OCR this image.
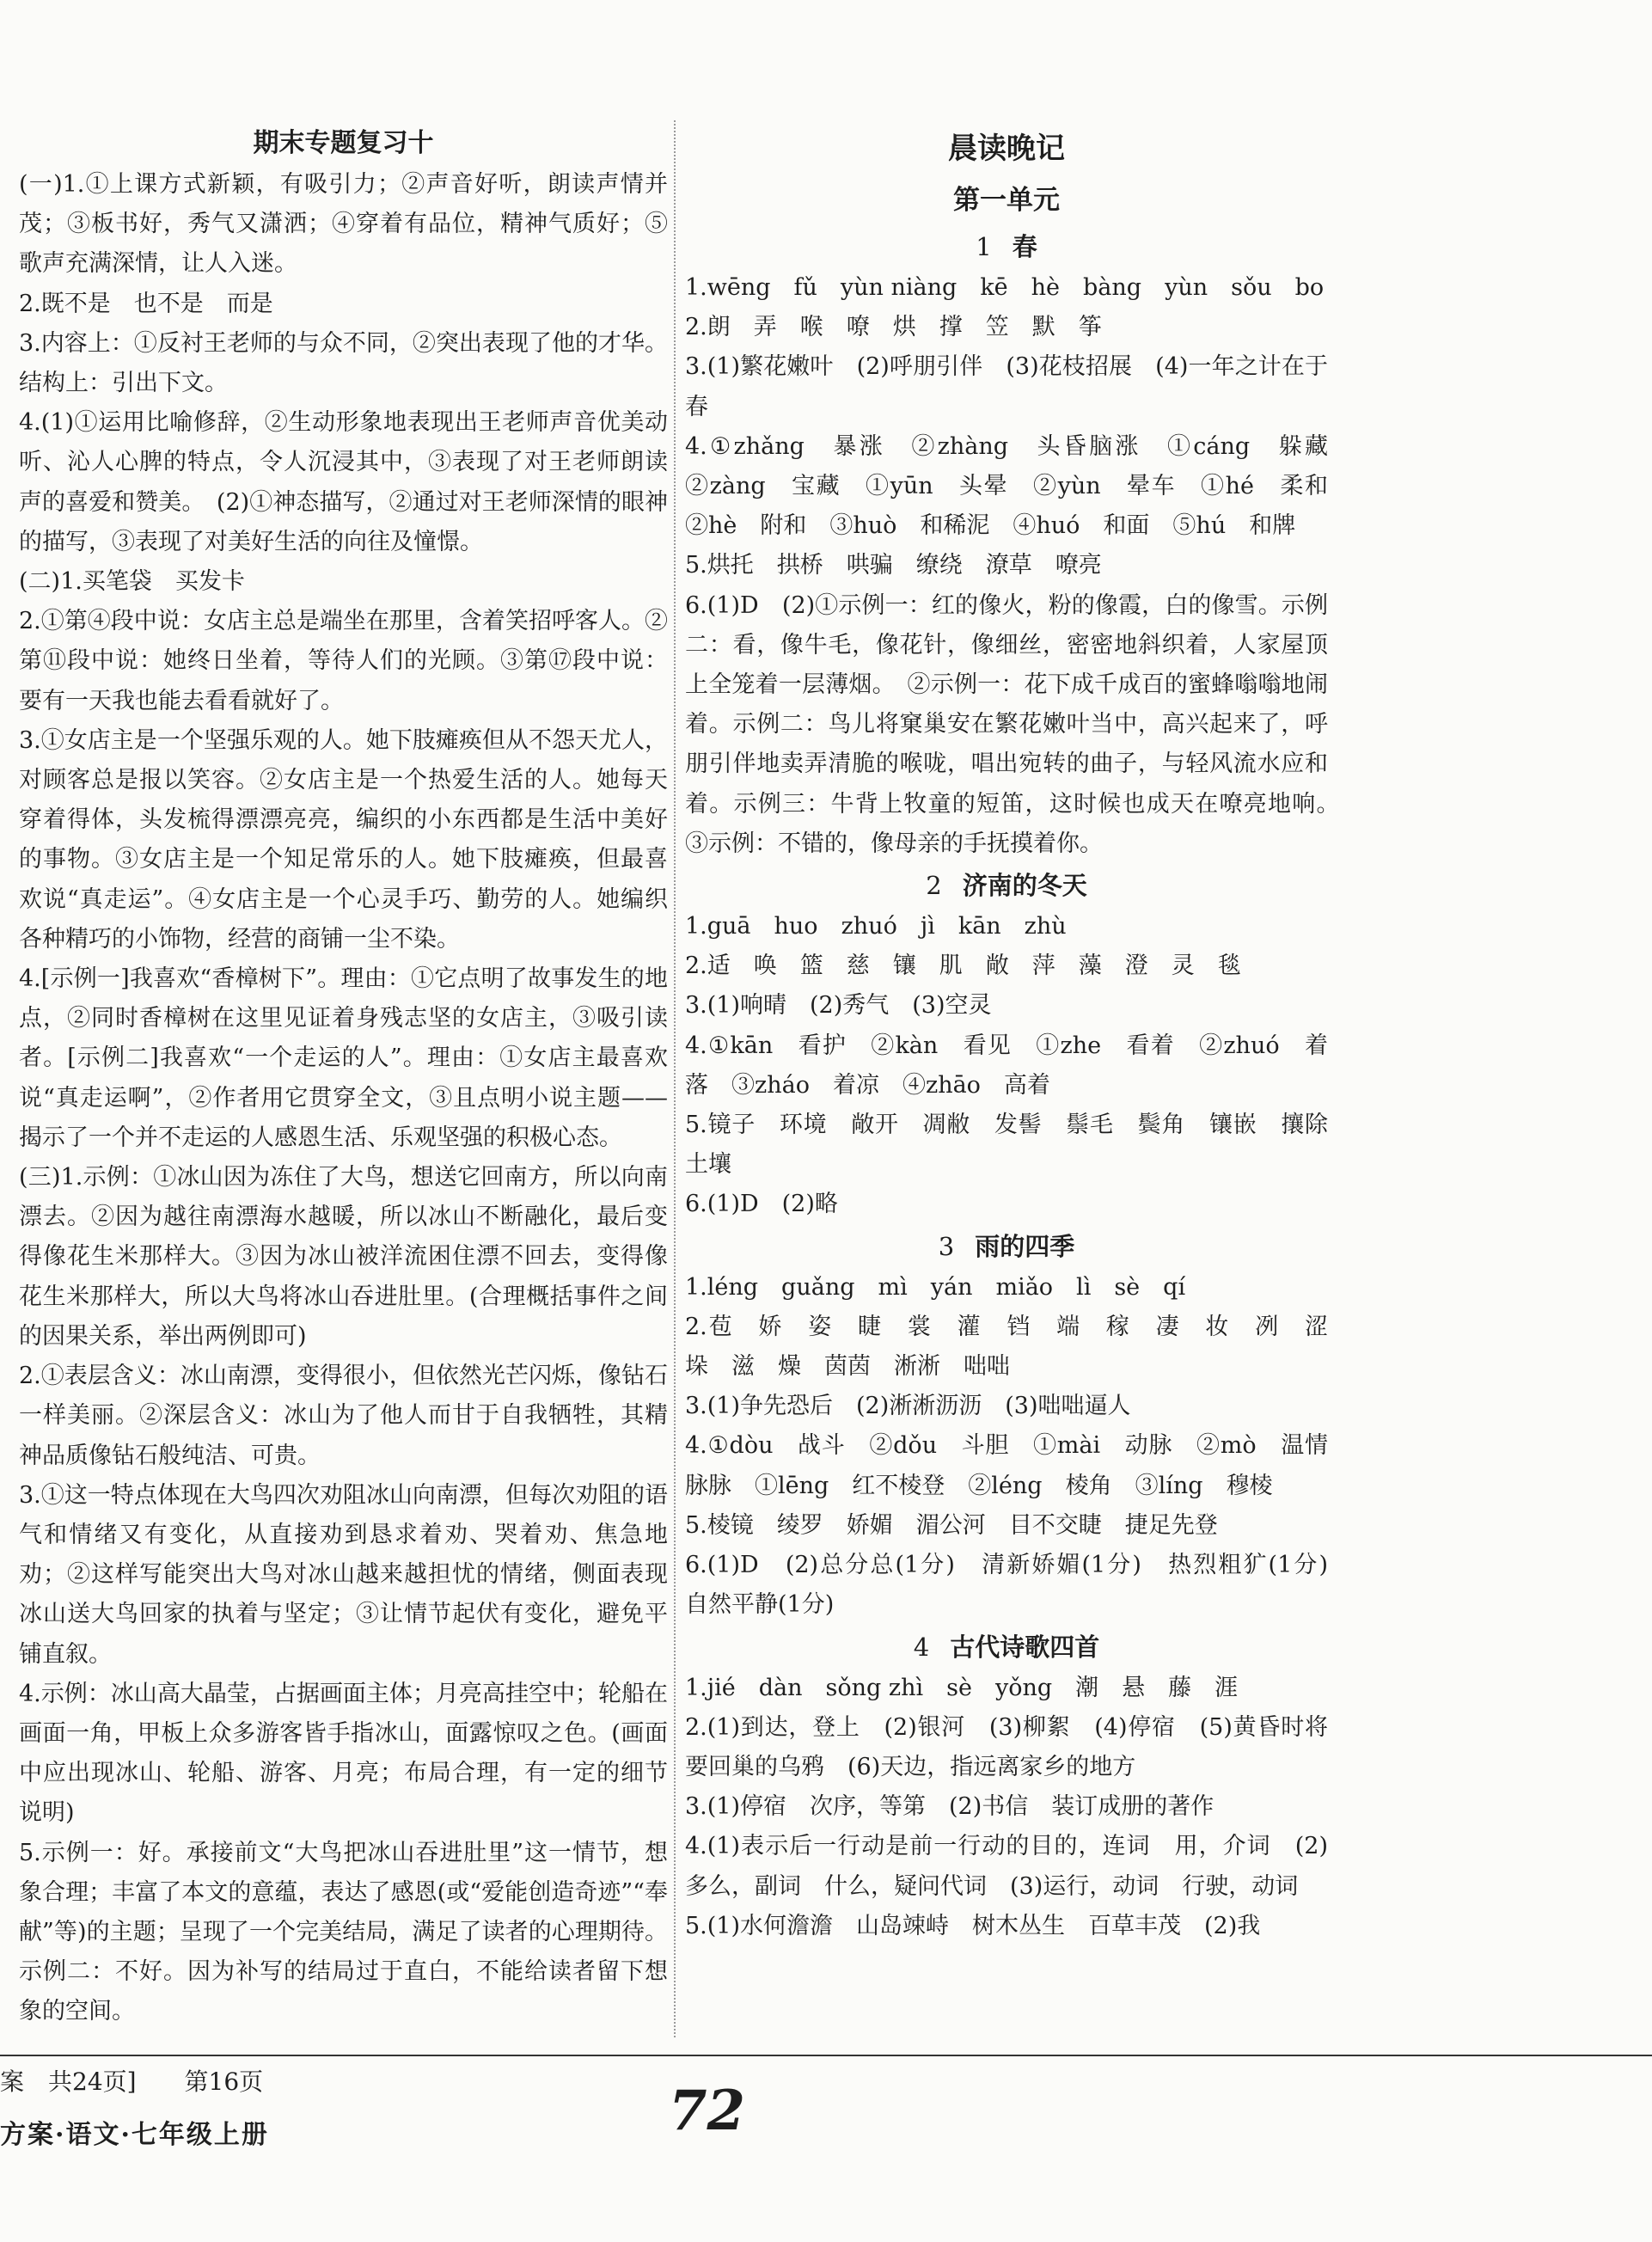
期末专题复习十

(一)1.①上课方式新颖，有吸引力；②声音好听，朗读声情并茂；③板书好，秀气又潇洒；④穿着有品位，精神气质好；⑤歌声充满深情，让人入迷。

2.既不是　也不是　而是

3.内容上：①反衬王老师的与众不同，②突出表现了他的才华。结构上：引出下文。

4.(1)①运用比喻修辞，②生动形象地表现出王老师声音优美动听、沁人心脾的特点，令人沉浸其中，③表现了对王老师朗读声的喜爱和赞美。　(2)①神态描写，②通过对王老师深情的眼神的描写，③表现了对美好生活的向往及憧憬。

(二)1.买笔袋　买发卡

2.①第④段中说：女店主总是端坐在那里，含着笑招呼客人。②第⑪段中说：她终日坐着，等待人们的光顾。③第⑰段中说：要有一天我也能去看看就好了。

3.①女店主是一个坚强乐观的人。她下肢瘫痪但从不怨天尤人，对顾客总是报以笑容。②女店主是一个热爱生活的人。她每天穿着得体，头发梳得漂漂亮亮，编织的小东西都是生活中美好的事物。③女店主是一个知足常乐的人。她下肢瘫痪，但最喜欢说“真走运”。④女店主是一个心灵手巧、勤劳的人。她编织各种精巧的小饰物，经营的商铺一尘不染。

4.[示例一]我喜欢“香樟树下”。理由：①它点明了故事发生的地点，②同时香樟树在这里见证着身残志坚的女店主，③吸引读者。[示例二]我喜欢“一个走运的人”。理由：①女店主最喜欢说“真走运啊”，②作者用它贯穿全文，③且点明小说主题——揭示了一个并不走运的人感恩生活、乐观坚强的积极心态。

(三)1.示例：①冰山因为冻住了大鸟，想送它回南方，所以向南漂去。②因为越往南漂海水越暖，所以冰山不断融化，最后变得像花生米那样大。③因为冰山被洋流困住漂不回去，变得像花生米那样大，所以大鸟将冰山吞进肚里。(合理概括事件之间的因果关系，举出两例即可)

2.①表层含义：冰山南漂，变得很小，但依然光芒闪烁，像钻石一样美丽。②深层含义：冰山为了他人而甘于自我牺牲，其精神品质像钻石般纯洁、可贵。

3.①这一特点体现在大鸟四次劝阻冰山向南漂，但每次劝阻的语气和情绪又有变化，从直接劝到恳求着劝、哭着劝、焦急地劝；②这样写能突出大鸟对冰山越来越担忧的情绪，侧面表现冰山送大鸟回家的执着与坚定；③让情节起伏有变化，避免平铺直叙。

4.示例：冰山高大晶莹，占据画面主体；月亮高挂空中；轮船在画面一角，甲板上众多游客皆手指冰山，面露惊叹之色。(画面中应出现冰山、轮船、游客、月亮；布局合理，有一定的细节说明)

5.示例一：好。承接前文“大鸟把冰山吞进肚里”这一情节，想象合理；丰富了本文的意蕴，表达了感恩(或“爱能创造奇迹”“奉献”等)的主题；呈现了一个完美结局，满足了读者的心理期待。示例二：不好。因为补写的结局过于直白，不能给读者留下想象的空间。

晨读晚记
第一单元
1 春

1.wēng　fǔ　yùn niàng　kē　hè　bàng　yùn　sǒu　bo

2.朗　弄　喉　嘹　烘　撑　笠　默　筝

3.(1)繁花嫩叶　(2)呼朋引伴　(3)花枝招展　(4)一年之计在于春

4.①zhǎng　暴涨　②zhàng　头昏脑涨　①cáng　躲藏　②zàng　宝藏　①yūn　头晕　②yùn　晕车　①hé　柔和　②hè　附和　③huò　和稀泥　④huó　和面　⑤hú　和牌

5.烘托　拱桥　哄骗　缭绕　潦草　嘹亮

6.(1)D　(2)①示例一：红的像火，粉的像霞，白的像雪。示例二：看，像牛毛，像花针，像细丝，密密地斜织着，人家屋顶上全笼着一层薄烟。　②示例一：花下成千成百的蜜蜂嗡嗡地闹着。示例二：鸟儿将窠巢安在繁花嫩叶当中，高兴起来了，呼朋引伴地卖弄清脆的喉咙，唱出宛转的曲子，与轻风流水应和着。示例三：牛背上牧童的短笛，这时候也成天在嘹亮地响。　③示例：不错的，像母亲的手抚摸着你。

2 济南的冬天

1.guā　huo　zhuó　jì　kān　zhù

2.适　唤　篮　慈　镶　肌　敞　萍　藻　澄　灵　毯

3.(1)响晴　(2)秀气　(3)空灵

4.①kān　看护　②kàn　看见　①zhe　看着　②zhuó　着落　③zháo　着凉　④zhāo　高着

5.镜子　环境　敞开　凋敝　发髻　鬃毛　鬓角　镶嵌　攘除　土壤

6.(1)D　(2)略

3 雨的四季

1.léng　guǎng　mì　yán　miǎo　lì　sè　qí

2.苞　娇　姿　睫　裳　灌　铛　端　稼　凄　妆　冽　涩　垛　滋　燥　茵茵　淅淅　咄咄

3.(1)争先恐后　(2)淅淅沥沥　(3)咄咄逼人

4.①dòu　战斗　②dǒu　斗胆　①mài　动脉　②mò　温情脉脉　①lēng　红不棱登　②léng　棱角　③líng　穆棱

5.棱镜　绫罗　娇媚　湄公河　目不交睫　捷足先登

6.(1)D　(2)总分总(1分)　清新娇媚(1分)　热烈粗犷(1分)　自然平静(1分)

4 古代诗歌四首

1.jié　dàn　sǒng zhì　sè　yǒng　潮　悬　藤　涯

2.(1)到达，登上　(2)银河　(3)柳絮　(4)停宿　(5)黄昏时将要回巢的乌鸦　(6)天边，指远离家乡的地方

3.(1)停宿　次序，等第　(2)书信　装订成册的著作

4.(1)表示后一行动是前一行动的目的，连词　用，介词　(2)多么，副词　什么，疑问代词　(3)运行，动词　行驶，动词

5.(1)水何澹澹　山岛竦峙　树木丛生　百草丰茂　(2)我

案　共24页]　　第16页
方案·语文·七年级上册	72
